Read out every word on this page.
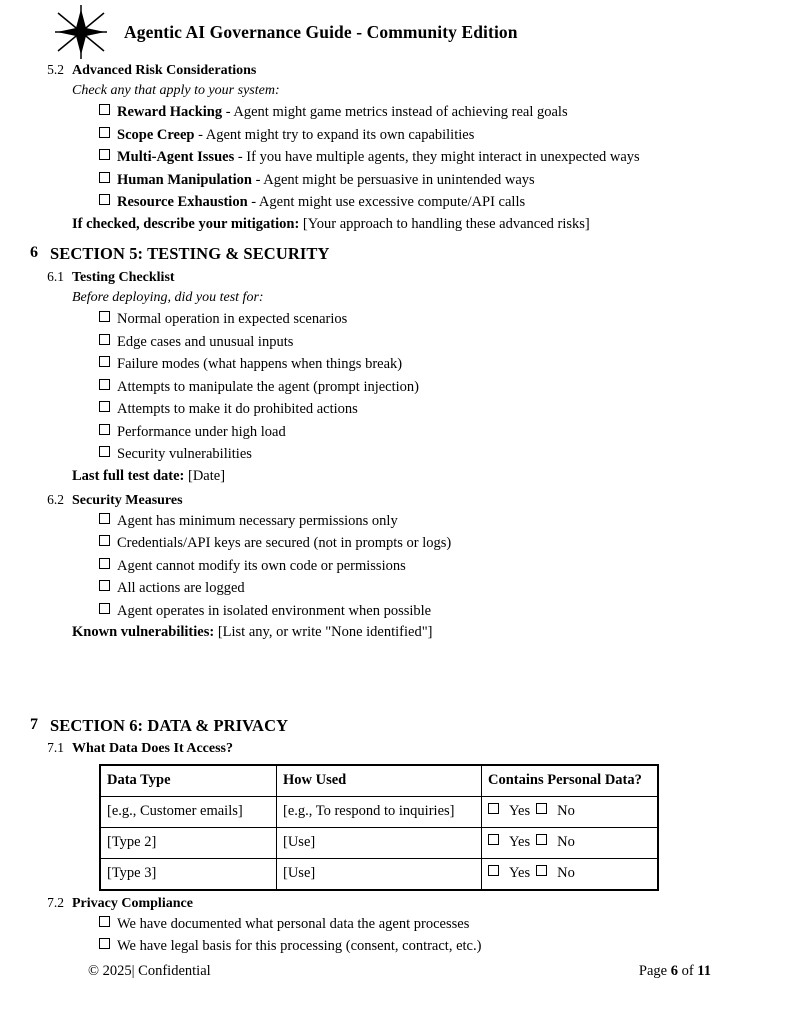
Agentic AI Governance Guide - Community Edition
5.2 Advanced Risk Considerations
Check any that apply to your system:
Reward Hacking - Agent might game metrics instead of achieving real goals
Scope Creep - Agent might try to expand its own capabilities
Multi-Agent Issues - If you have multiple agents, they might interact in unexpected ways
Human Manipulation - Agent might be persuasive in unintended ways
Resource Exhaustion - Agent might use excessive compute/API calls
If checked, describe your mitigation: [Your approach to handling these advanced risks]
6 SECTION 5: TESTING & SECURITY
6.1 Testing Checklist
Before deploying, did you test for:
Normal operation in expected scenarios
Edge cases and unusual inputs
Failure modes (what happens when things break)
Attempts to manipulate the agent (prompt injection)
Attempts to make it do prohibited actions
Performance under high load
Security vulnerabilities
Last full test date: [Date]
6.2 Security Measures
Agent has minimum necessary permissions only
Credentials/API keys are secured (not in prompts or logs)
Agent cannot modify its own code or permissions
All actions are logged
Agent operates in isolated environment when possible
Known vulnerabilities: [List any, or write "None identified"]
7 SECTION 6: DATA & PRIVACY
7.1 What Data Does It Access?
Data Type	How Used	Contains Personal Data?
[e.g., Customer emails]	[e.g., To respond to inquiries]	Yes No

[Type 2]	[Use]	Yes No

[Type 3]	[Use]	Yes No
7.2 Privacy Compliance
We have documented what personal data the agent processes
We have legal basis for this processing (consent, contract, etc.)
© 2025| Confidential	Page 6 of 11
